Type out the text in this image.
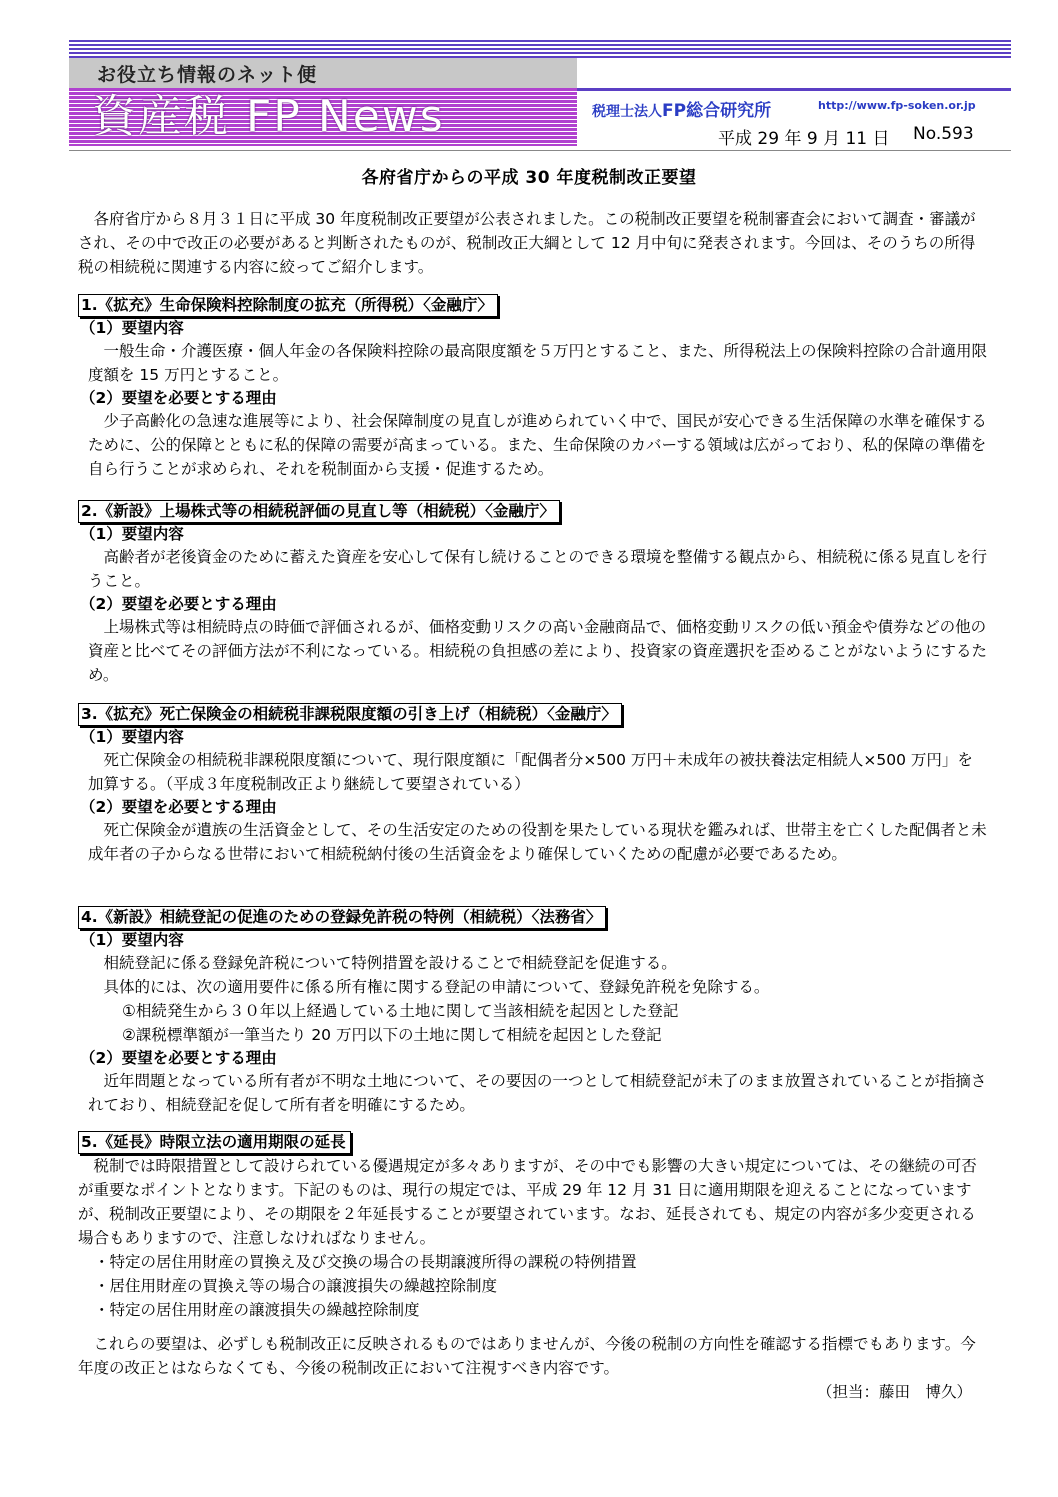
お役立ち情報のネット便
資産税 FP News	税理士法人FP総合研究所	http://www.fp-soken.or.jp
平成 29 年 9 月 11 日 No.593
各府省庁からの平成 30 年度税制改正要望

各府省庁から８月３１日に平成 30 年度税制改正要望が公表されました。この税制改正要望を税制審査会において調査・審議がされ、その中で改正の必要があると判断されたものが、税制改正大綱として 12 月中旬に発表されます。今回は、そのうちの所得税の相続税に関連する内容に絞ってご紹介します。

1.《拡充》生命保険料控除制度の拡充（所得税）〈金融庁〉
（1）要望内容

一般生命・介護医療・個人年金の各保険料控除の最高限度額を５万円とすること、また、所得税法上の保険料控除の合計適用限度額を 15 万円とすること。

（2）要望を必要とする理由

少子高齢化の急速な進展等により、社会保障制度の見直しが進められていく中で、国民が安心できる生活保障の水準を確保するために、公的保障とともに私的保障の需要が高まっている。また、生命保険のカバーする領域は広がっており、私的保障の準備を自ら行うことが求められ、それを税制面から支援・促進するため。

2.《新設》上場株式等の相続税評価の見直し等（相続税）〈金融庁〉
（1）要望内容

高齢者が老後資金のために蓄えた資産を安心して保有し続けることのできる環境を整備する観点から、相続税に係る見直しを行うこと。

（2）要望を必要とする理由

上場株式等は相続時点の時価で評価されるが、価格変動リスクの高い金融商品で、価格変動リスクの低い預金や債券などの他の資産と比べてその評価方法が不利になっている。相続税の負担感の差により、投資家の資産選択を歪めることがないようにするため。

3.《拡充》死亡保険金の相続税非課税限度額の引き上げ（相続税）〈金融庁〉
（1）要望内容

死亡保険金の相続税非課税限度額について、現行限度額に「配偶者分×500 万円＋未成年の被扶養法定相続人×500 万円」を加算する。（平成３年度税制改正より継続して要望されている）

（2）要望を必要とする理由

死亡保険金が遺族の生活資金として、その生活安定のための役割を果たしている現状を鑑みれば、世帯主を亡くした配偶者と未成年者の子からなる世帯において相続税納付後の生活資金をより確保していくための配慮が必要であるため。

4.《新設》相続登記の促進のための登録免許税の特例（相続税）〈法務省〉
（1）要望内容

相続登記に係る登録免許税について特例措置を設けることで相続登記を促進する。

具体的には、次の適用要件に係る所有権に関する登記の申請について、登録免許税を免除する。

①相続発生から３０年以上経過している土地に関して当該相続を起因とした登記
②課税標準額が一筆当たり 20 万円以下の土地に関して相続を起因とした登記
（2）要望を必要とする理由

近年問題となっている所有者が不明な土地について、その要因の一つとして相続登記が未了のまま放置されていることが指摘されており、相続登記を促して所有者を明確にするため。

5.《延長》時限立法の適用期限の延長

税制では時限措置として設けられている優遇規定が多々ありますが、その中でも影響の大きい規定については、その継続の可否が重要なポイントとなります。下記のものは、現行の規定では、平成 29 年 12 月 31 日に適用期限を迎えることになっていますが、税制改正要望により、その期限を２年延長することが要望されています。なお、延長されても、規定の内容が多少変更される場合もありますので、注意しなければなりません。

・特定の居住用財産の買換え及び交換の場合の長期譲渡所得の課税の特例措置
・居住用財産の買換え等の場合の譲渡損失の繰越控除制度
・特定の居住用財産の譲渡損失の繰越控除制度

これらの要望は、必ずしも税制改正に反映されるものではありませんが、今後の税制の方向性を確認する指標でもあります。今年度の改正とはならなくても、今後の税制改正において注視すべき内容です。

（担当：藤田　博久）
